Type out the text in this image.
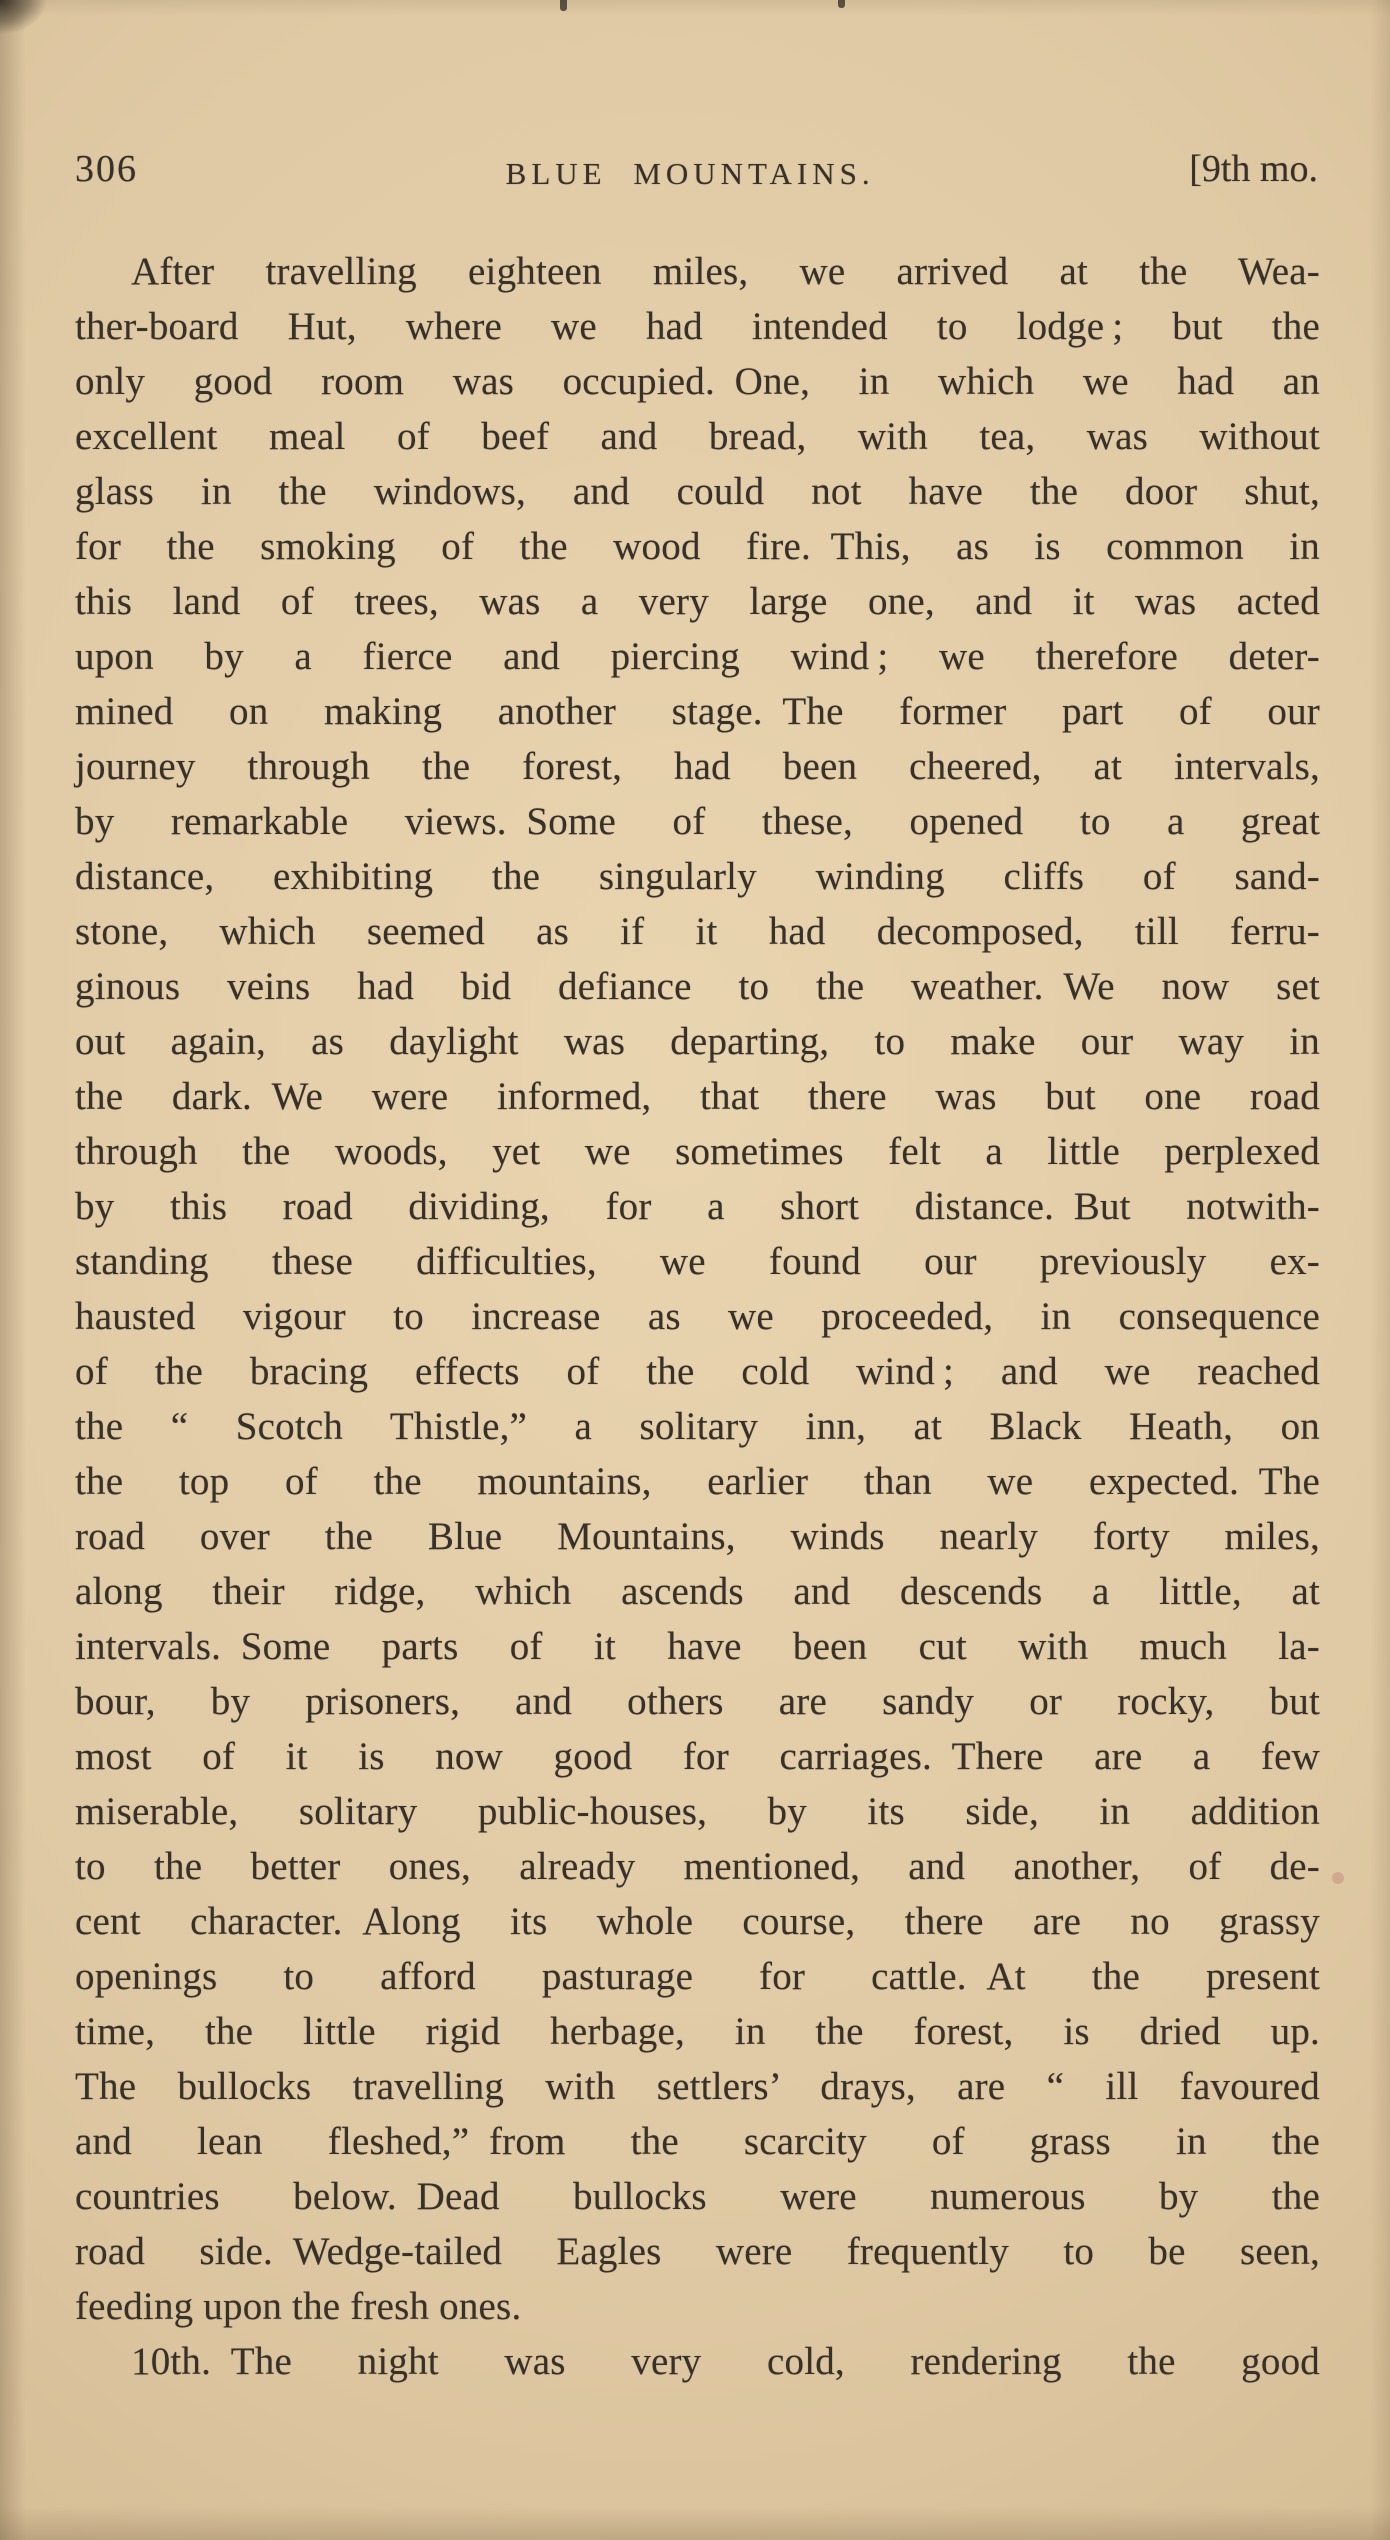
306	BLUE MOUNTAINS.	[9th mo.
After travelling eighteen miles, we arrived at the Wea-
ther-board Hut, where we had intended to lodge ; but the
only good room was occupied. One, in which we had an
excellent meal of beef and bread, with tea, was without
glass in the windows, and could not have the door shut,
for the smoking of the wood fire. This, as is common in
this land of trees, was a very large one, and it was acted
upon by a fierce and piercing wind ; we therefore deter-
mined on making another stage. The former part of our
journey through the forest, had been cheered, at intervals,
by remarkable views. Some of these, opened to a great
distance, exhibiting the singularly winding cliffs of sand-
stone, which seemed as if it had decomposed, till ferru-
ginous veins had bid defiance to the weather. We now set
out again, as daylight was departing, to make our way in
the dark. We were informed, that there was but one road
through the woods, yet we sometimes felt a little perplexed
by this road dividing, for a short distance. But notwith-
standing these difficulties, we found our previously ex-
hausted vigour to increase as we proceeded, in consequence
of the bracing effects of the cold wind ; and we reached
the “ Scotch Thistle,” a solitary inn, at Black Heath, on
the top of the mountains, earlier than we expected. The
road over the Blue Mountains, winds nearly forty miles,
along their ridge, which ascends and descends a little, at
intervals. Some parts of it have been cut with much la-
bour, by prisoners, and others are sandy or rocky, but
most of it is now good for carriages. There are a few
miserable, solitary public-houses, by its side, in addition
to the better ones, already mentioned, and another, of de-
cent character. Along its whole course, there are no grassy
openings to afford pasturage for cattle. At the present
time, the little rigid herbage, in the forest, is dried up.
The bullocks travelling with settlers’ drays, are “ ill favoured
and lean fleshed,” from the scarcity of grass in the
countries below. Dead bullocks were numerous by the
road side. Wedge-tailed Eagles were frequently to be seen,
feeding upon the fresh ones.
10th. The night was very cold, rendering the good
